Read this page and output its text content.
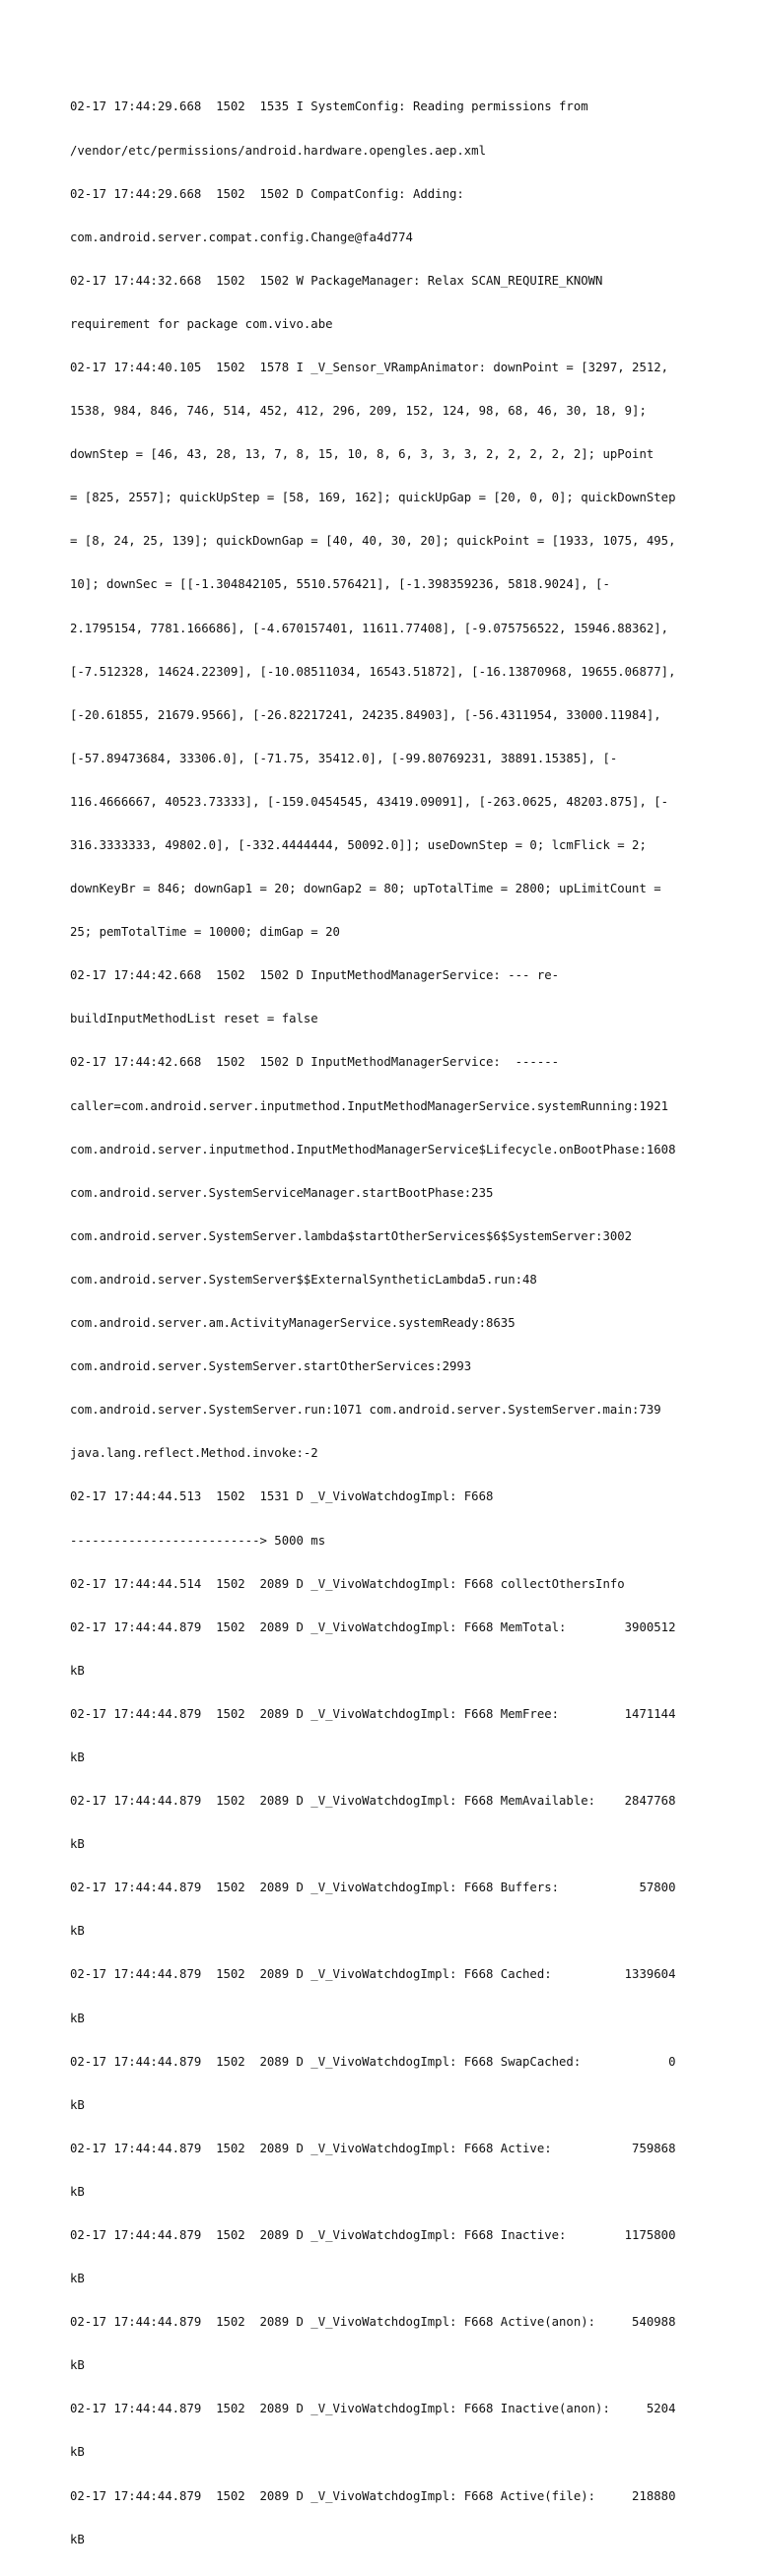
02-17 17:44:29.668  1502  1535 I SystemConfig: Reading permissions from

/vendor/etc/permissions/android.hardware.opengles.aep.xml

02-17 17:44:29.668  1502  1502 D CompatConfig: Adding:

com.android.server.compat.config.Change@fa4d774

02-17 17:44:32.668  1502  1502 W PackageManager: Relax SCAN_REQUIRE_KNOWN

requirement for package com.vivo.abe

02-17 17:44:40.105  1502  1578 I _V_Sensor_VRampAnimator: downPoint = [3297, 2512,

1538, 984, 846, 746, 514, 452, 412, 296, 209, 152, 124, 98, 68, 46, 30, 18, 9];

downStep = [46, 43, 28, 13, 7, 8, 15, 10, 8, 6, 3, 3, 3, 2, 2, 2, 2, 2]; upPoint

= [825, 2557]; quickUpStep = [58, 169, 162]; quickUpGap = [20, 0, 0]; quickDownStep

= [8, 24, 25, 139]; quickDownGap = [40, 40, 30, 20]; quickPoint = [1933, 1075, 495,

10]; downSec = [[-1.304842105, 5510.576421], [-1.398359236, 5818.9024], [-

2.1795154, 7781.166686], [-4.670157401, 11611.77408], [-9.075756522, 15946.88362],

[-7.512328, 14624.22309], [-10.08511034, 16543.51872], [-16.13870968, 19655.06877],

[-20.61855, 21679.9566], [-26.82217241, 24235.84903], [-56.4311954, 33000.11984],

[-57.89473684, 33306.0], [-71.75, 35412.0], [-99.80769231, 38891.15385], [-

116.4666667, 40523.73333], [-159.0454545, 43419.09091], [-263.0625, 48203.875], [-

316.3333333, 49802.0], [-332.4444444, 50092.0]]; useDownStep = 0; lcmFlick = 2;

downKeyBr = 846; downGap1 = 20; downGap2 = 80; upTotalTime = 2800; upLimitCount =

25; pemTotalTime = 10000; dimGap = 20

02-17 17:44:42.668  1502  1502 D InputMethodManagerService: --- re-

buildInputMethodList reset = false

02-17 17:44:42.668  1502  1502 D InputMethodManagerService:  ------

caller=com.android.server.inputmethod.InputMethodManagerService.systemRunning:1921

com.android.server.inputmethod.InputMethodManagerService$Lifecycle.onBootPhase:1608

com.android.server.SystemServiceManager.startBootPhase:235

com.android.server.SystemServer.lambda$startOtherServices$6$SystemServer:3002

com.android.server.SystemServer$$ExternalSyntheticLambda5.run:48

com.android.server.am.ActivityManagerService.systemReady:8635

com.android.server.SystemServer.startOtherServices:2993

com.android.server.SystemServer.run:1071 com.android.server.SystemServer.main:739

java.lang.reflect.Method.invoke:-2

02-17 17:44:44.513  1502  1531 D _V_VivoWatchdogImpl: F668

--------------------------> 5000 ms

02-17 17:44:44.514  1502  2089 D _V_VivoWatchdogImpl: F668 collectOthersInfo

02-17 17:44:44.879  1502  2089 D _V_VivoWatchdogImpl: F668 MemTotal:        3900512

kB

02-17 17:44:44.879  1502  2089 D _V_VivoWatchdogImpl: F668 MemFree:         1471144

kB

02-17 17:44:44.879  1502  2089 D _V_VivoWatchdogImpl: F668 MemAvailable:    2847768

kB

02-17 17:44:44.879  1502  2089 D _V_VivoWatchdogImpl: F668 Buffers:           57800

kB

02-17 17:44:44.879  1502  2089 D _V_VivoWatchdogImpl: F668 Cached:          1339604

kB

02-17 17:44:44.879  1502  2089 D _V_VivoWatchdogImpl: F668 SwapCached:            0

kB

02-17 17:44:44.879  1502  2089 D _V_VivoWatchdogImpl: F668 Active:           759868

kB

02-17 17:44:44.879  1502  2089 D _V_VivoWatchdogImpl: F668 Inactive:        1175800

kB

02-17 17:44:44.879  1502  2089 D _V_VivoWatchdogImpl: F668 Active(anon):     540988

kB

02-17 17:44:44.879  1502  2089 D _V_VivoWatchdogImpl: F668 Inactive(anon):     5204

kB

02-17 17:44:44.879  1502  2089 D _V_VivoWatchdogImpl: F668 Active(file):     218880

kB
